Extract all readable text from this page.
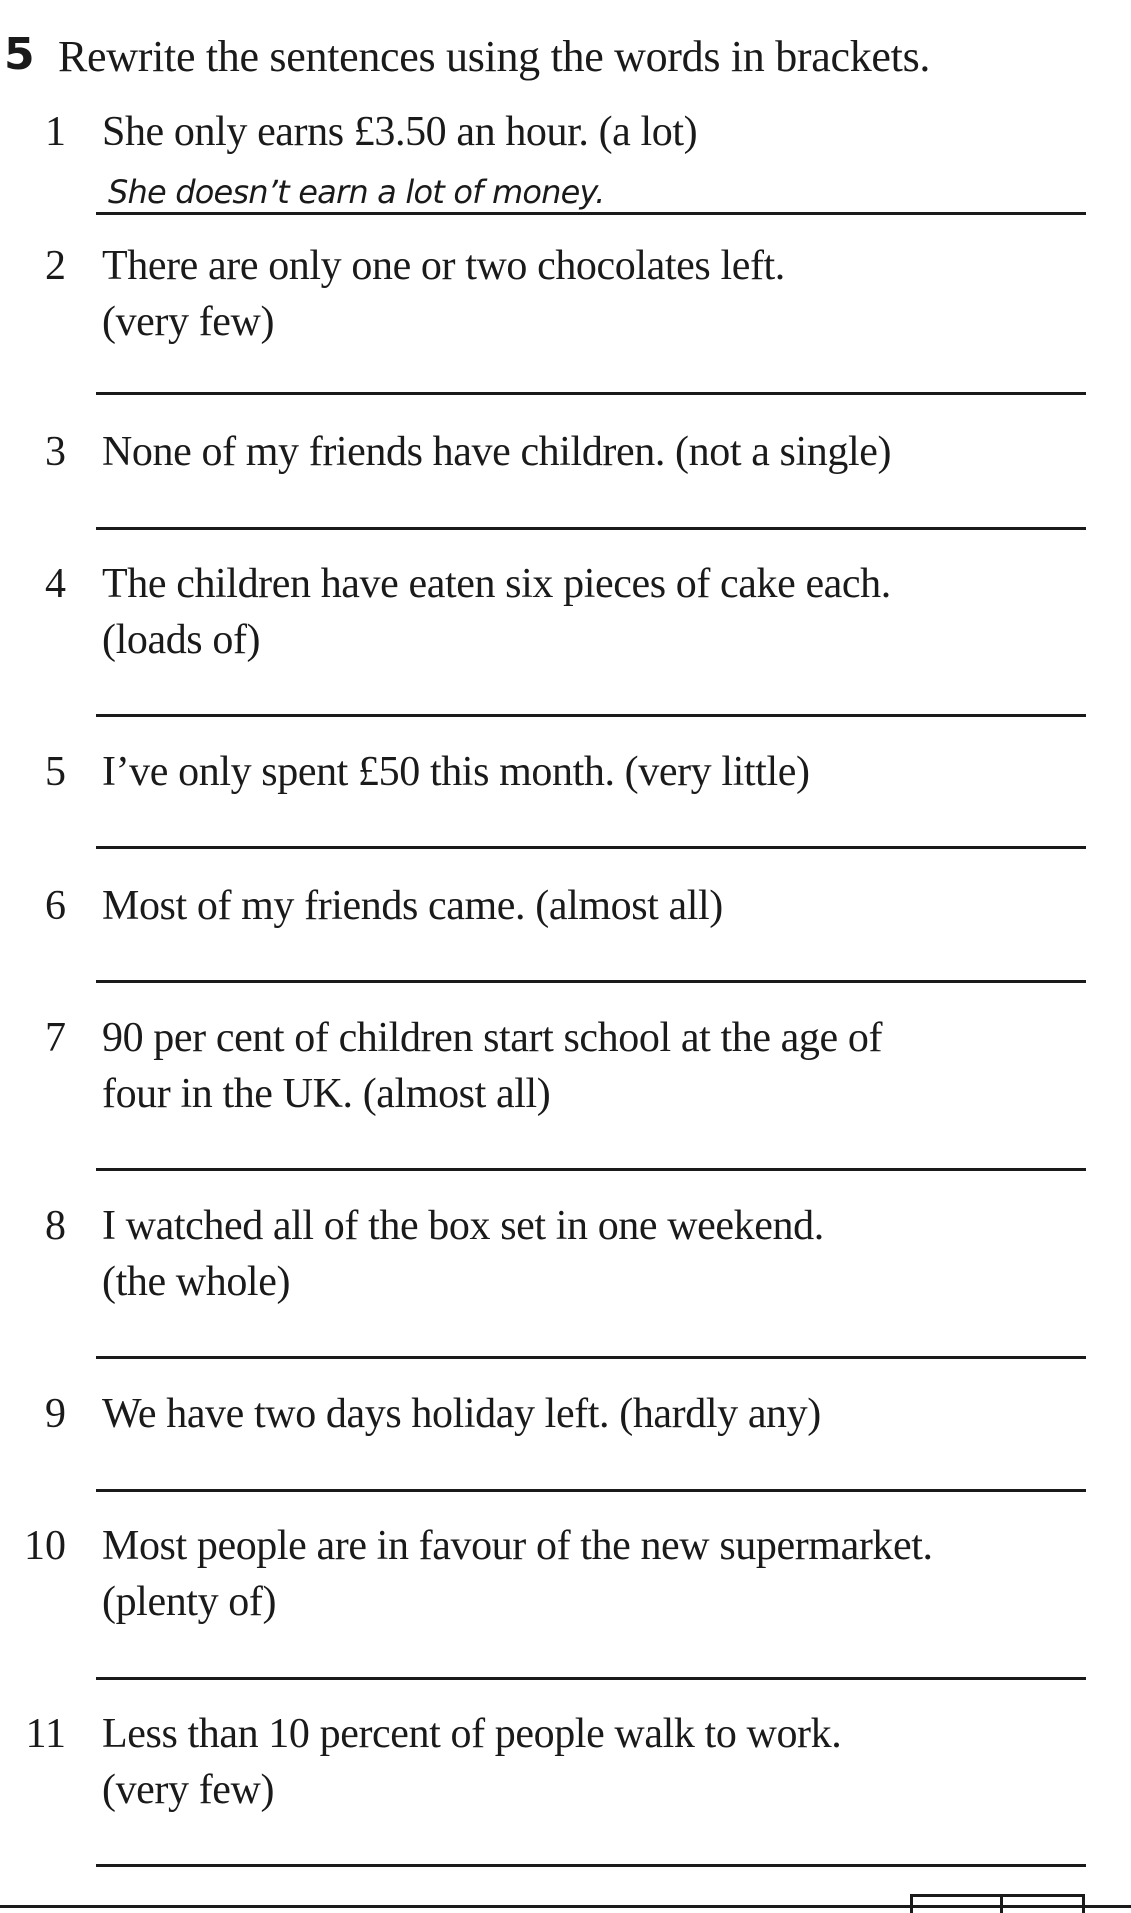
5 Rewrite the sentences using the words in brackets.
1 She only earns £3.50 an hour. (a lot)
She doesn’t earn a lot of money.
2 There are only one or two chocolates left.
(very few)
3 None of my friends have children. (not a single)
4 The children have eaten six pieces of cake each.
(loads of)
5 I’ve only spent £50 this month. (very little)
6 Most of my friends came. (almost all)
7 90 per cent of children start school at the age of
four in the UK. (almost all)
8 I watched all of the box set in one weekend.
(the whole)
9 We have two days holiday left. (hardly any)
10 Most people are in favour of the new supermarket.
(plenty of)
11 Less than 10 percent of people walk to work.
(very few)
